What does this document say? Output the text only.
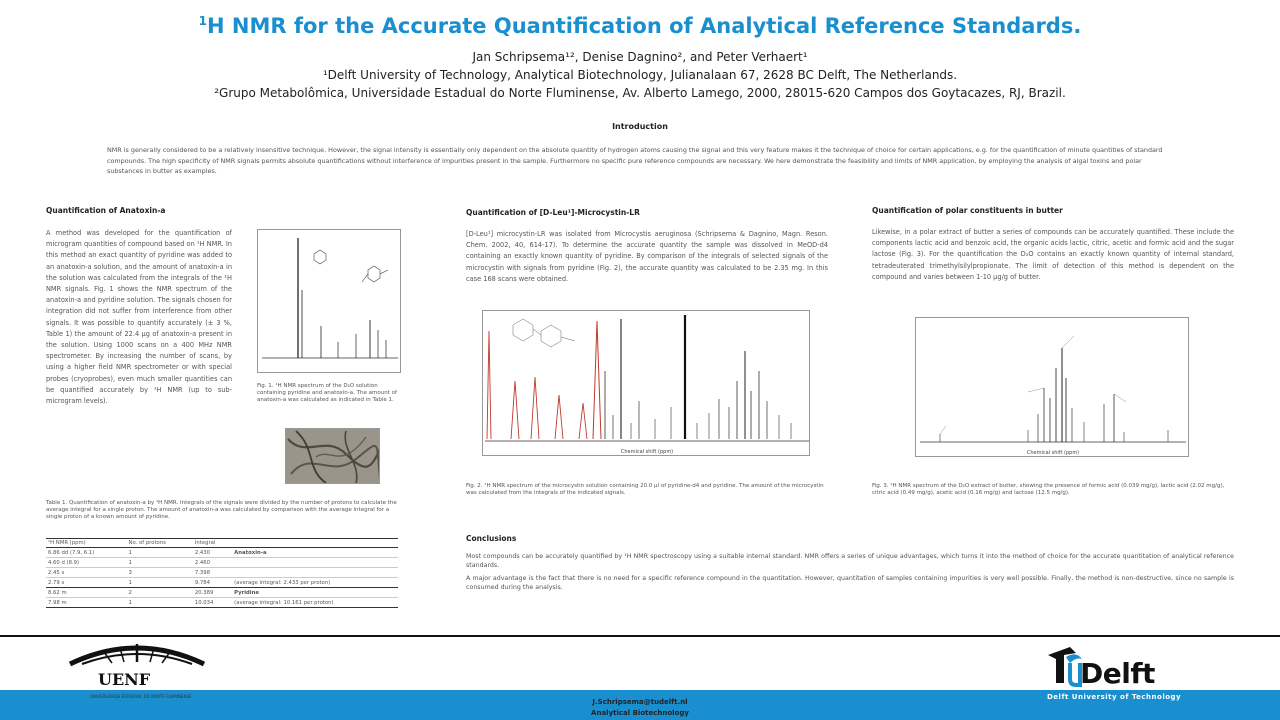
$^1$H NMR for the Accurate Quantification of Analytical Reference Standards.
Jan Schripsema¹², Denise Dagnino², and Peter Verhaert¹
¹Delft University of Technology, Analytical Biotechnology, Julianalaan 67, 2628 BC Delft, The Netherlands.
²Grupo Metabolômica, Universidade Estadual do Norte Fluminense, Av. Alberto Lamego, 2000, 28015-620 Campos dos Goytacazes, RJ, Brazil.
Introduction
NMR is generally considered to be a relatively insensitive technique. However, the signal intensity is essentially only dependent on the absolute quantity of hydrogen atoms causing the signal and this very feature makes it the technique of choice for certain applications, e.g. for the quantification of minute quantities of standard compounds. The high specificity of NMR signals permits absolute quantifications without interference of impurities present in the sample. Furthermore no specific pure reference compounds are necessary. We here demonstrate the feasibility and limits of NMR application, by employing the analysis of algal toxins and polar substances in butter as examples.
Quantification of Anatoxin-a
A method was developed for the quantification of microgram quantities of compound based on ¹H NMR. In this method an exact quantity of pyridine was added to an anatoxin-a solution, and the amount of anatoxin-a in the solution was calculated from the integrals of the ¹H NMR signals. Fig. 1 shows the NMR spectrum of the anatoxin-a and pyridine solution. The signals chosen for integration did not suffer from interference from other signals. It was possible to quantify accurately (± 3 %, Table 1) the amount of 22.4 µg of anatoxin-a present in the solution. Using 1000 scans on a 400 MHz NMR spectrometer. By increasing the number of scans, by using a higher field NMR spectrometer or with special probes (cryoprobes), even much smaller quantities can be quantified accurately by ¹H NMR (up to sub-microgram levels).
Fig. 1. ¹H NMR spectrum of the D₂O solution containing pyridine and anatoxin-a. The amount of anatoxin-a was calculated as indicated in Table 1.
Table 1. Quantification of anatoxin-a by ¹H NMR. Integrals of the signals were divided by the number of protons to calculate the average integral for a single proton. The amount of anatoxin-a was calculated by comparison with the average integral for a single proton of a known amount of pyridine.
¹H NMR (ppm)	No. of protons	Integral	
6.86 dd (7.9, 6.1)	1	2.430	Anatoxin-a
4.60 d (8.9)	1	2.460	
2.45 s	3	7.398	
2.79 s	1	9.784	(average integral: 2.433 per proton)
8.62 m	2	20.389	Pyridine
7.98 m	1	10.034	(average integral: 10.161 per proton)
Quantification of [D-Leu¹]-Microcystin-LR
[D-Leu¹] microcystin-LR was isolated from Microcystis aeruginosa (Schripsema & Dagnino, Magn. Reson. Chem. 2002, 40, 614-17). To determine the accurate quantity the sample was dissolved in MeOD-d4 containing an exactly known quantity of pyridine. By comparison of the integrals of selected signals of the microcystin with signals from pyridine (Fig. 2), the accurate quantity was calculated to be 2.35 mg. In this case 168 scans were obtained.
Chemical shift (ppm)
Fig. 2. ¹H NMR spectrum of the microcystin solution containing 20.0 µl of pyridine-d4 and pyridine. The amount of the microcystin was calculated from the integrals of the indicated signals.
Quantification of polar constituents in butter
Likewise, in a polar extract of butter a series of compounds can be accurately quantified. These include the components lactic acid and benzoic acid, the organic acids lactic, citric, acetic and formic acid and the sugar lactose (Fig. 3). For the quantification the D₂O contains an exactly known quantity of internal standard, tetradeuterated trimethylsilylpropionate. The limit of detection of this method is dependent on the compound and varies between 1-10 µg/g of butter.
Chemical shift (ppm)
Fig. 3. ¹H NMR spectrum of the D₂O extract of butter, showing the presence of formic acid (0.039 mg/g), lactic acid (2.02 mg/g), citric acid (0.49 mg/g), acetic acid (0.16 mg/g) and lactose (12.5 mg/g).
Conclusions
Most compounds can be accurately quantified by ¹H NMR spectroscopy using a suitable internal standard. NMR offers a series of unique advantages, which turns it into the method of choice for the accurate quantitation of analytical reference standards.
A major advantage is the fact that there is no need for a specific reference compound in the quantitation. However, quantitation of samples containing impurities is very well possible. Finally, the method is non-destructive, since no sample is consumed during the analysis.
J.Schripsema@tudelft.nl
Analytical Biotechnology
UENF
UNIVERSIDADE ESTADUAL DO NORTE FLUMINENSE
Delft
Delft University of Technology
